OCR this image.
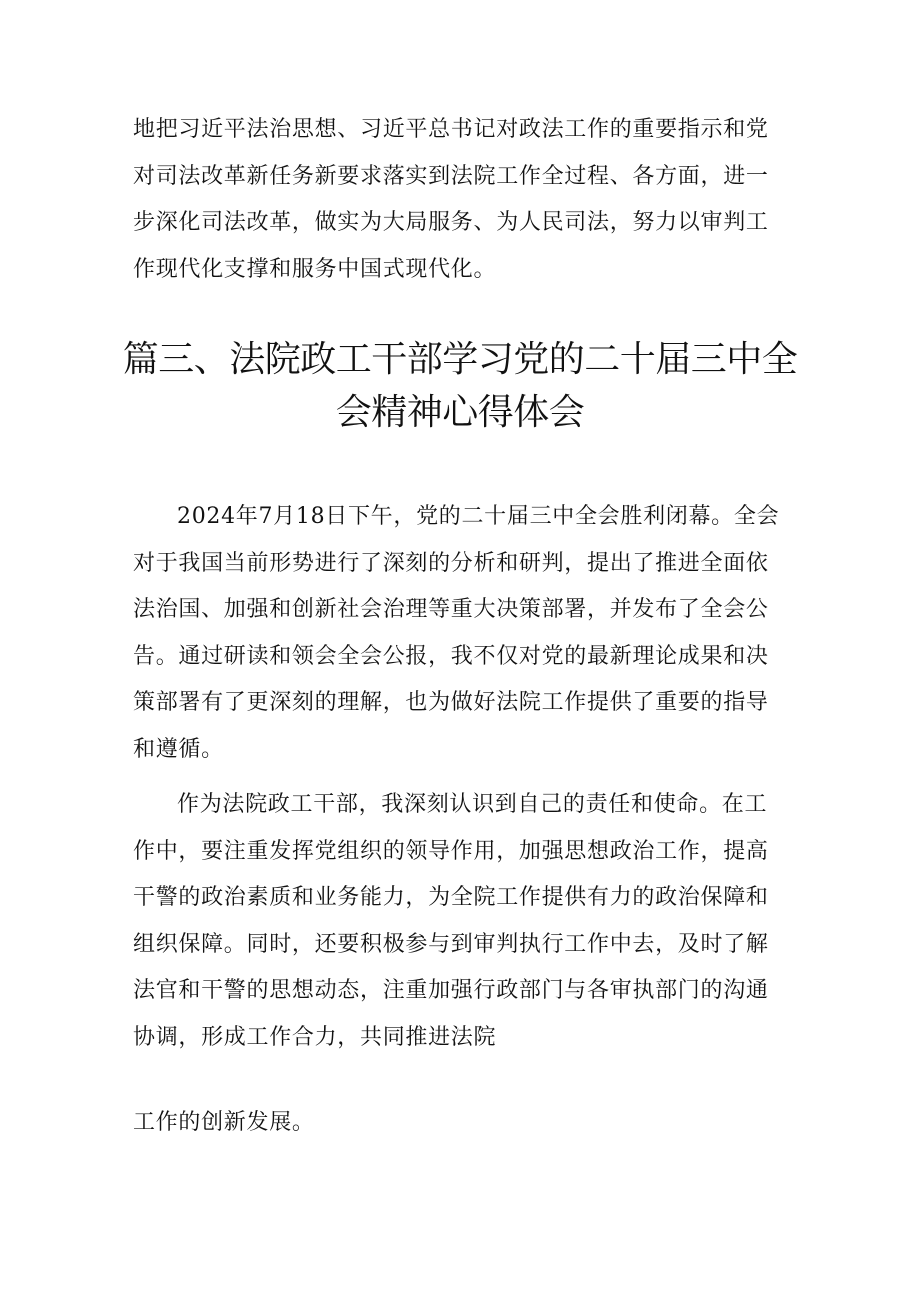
地把习近平法治思想、习近平总书记对政法工作的重要指示和党
对司法改革新任务新要求落实到法院工作全过程、各方面，进一
步深化司法改革，做实为大局服务、为人民司法，努力以审判工
作现代化支撑和服务中国式现代化。
篇三、法院政工干部学习党的二十届三中全
会精神心得体会
2024年7月18日下午，党的二十届三中全会胜利闭幕。全会
对于我国当前形势进行了深刻的分析和研判，提出了推进全面依
法治国、加强和创新社会治理等重大决策部署，并发布了全会公
告。通过研读和领会全会公报，我不仅对党的最新理论成果和决
策部署有了更深刻的理解，也为做好法院工作提供了重要的指导
和遵循。
作为法院政工干部，我深刻认识到自己的责任和使命。在工
作中，要注重发挥党组织的领导作用，加强思想政治工作，提高
干警的政治素质和业务能力，为全院工作提供有力的政治保障和
组织保障。同时，还要积极参与到审判执行工作中去，及时了解
法官和干警的思想动态，注重加强行政部门与各审执部门的沟通
协调，形成工作合力，共同推进法院
工作的创新发展。
